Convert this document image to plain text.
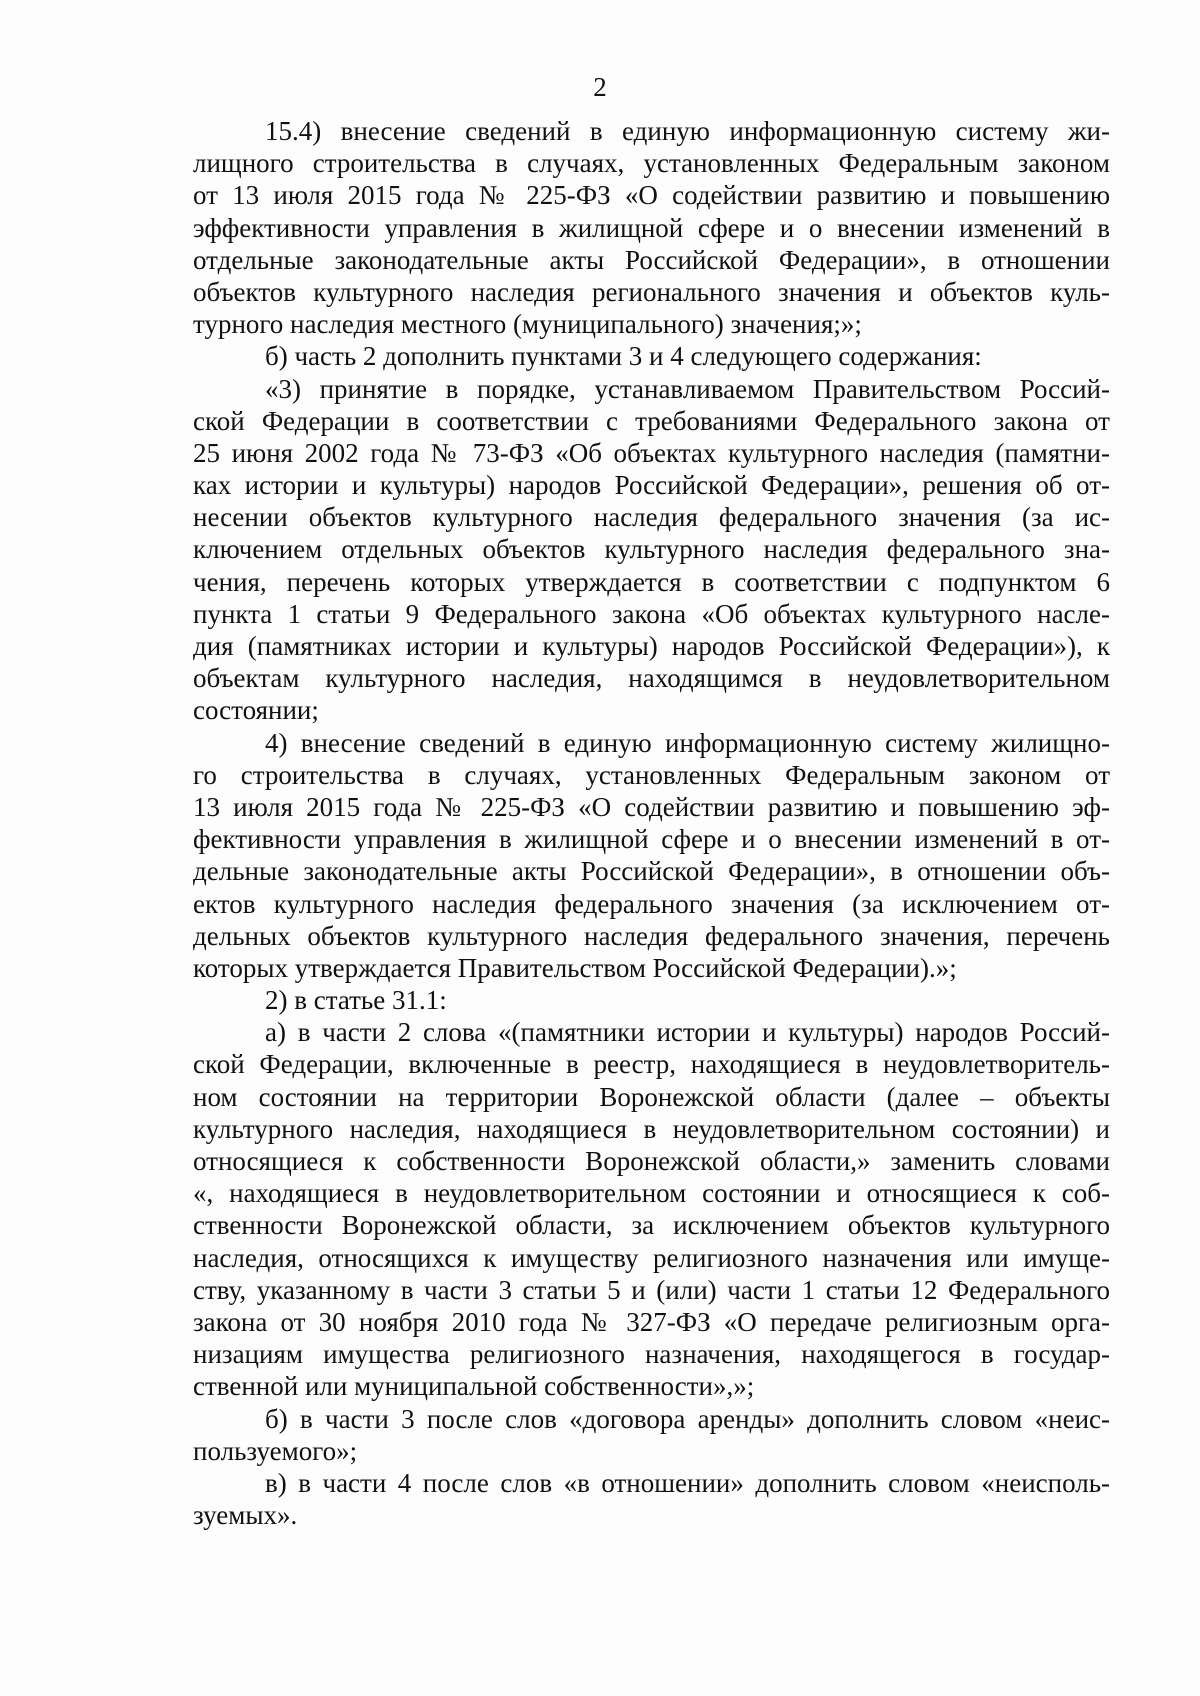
2
15.4) внесение сведений в единую информационную систему жи-
лищного строительства в случаях, установленных Федеральным законом
от 13 июля 2015 года № 225-ФЗ «О содействии развитию и повышению
эффективности управления в жилищной сфере и о внесении изменений в
отдельные законодательные акты Российской Федерации», в отношении
объектов культурного наследия регионального значения и объектов куль-
турного наследия местного (муниципального) значения;»;
б) часть 2 дополнить пунктами 3 и 4 следующего содержания:
«3) принятие в порядке, устанавливаемом Правительством Россий-
ской Федерации в соответствии с требованиями Федерального закона от
25 июня 2002 года № 73-ФЗ «Об объектах культурного наследия (памятни-
ках истории и культуры) народов Российской Федерации», решения об от-
несении объектов культурного наследия федерального значения (за ис-
ключением отдельных объектов культурного наследия федерального зна-
чения, перечень которых утверждается в соответствии с подпунктом 6
пункта 1 статьи 9 Федерального закона «Об объектах культурного насле-
дия (памятниках истории и культуры) народов Российской Федерации»), к
объектам культурного наследия, находящимся в неудовлетворительном
состоянии;
4) внесение сведений в единую информационную систему жилищно-
го строительства в случаях, установленных Федеральным законом от
13 июля 2015 года № 225-ФЗ «О содействии развитию и повышению эф-
фективности управления в жилищной сфере и о внесении изменений в от-
дельные законодательные акты Российской Федерации», в отношении объ-
ектов культурного наследия федерального значения (за исключением от-
дельных объектов культурного наследия федерального значения, перечень
которых утверждается Правительством Российской Федерации).»;
2) в статье 31.1:
а) в части 2 слова «(памятники истории и культуры) народов Россий-
ской Федерации, включенные в реестр, находящиеся в неудовлетворитель-
ном состоянии на территории Воронежской области (далее – объекты
культурного наследия, находящиеся в неудовлетворительном состоянии) и
относящиеся к собственности Воронежской области,» заменить словами
«, находящиеся в неудовлетворительном состоянии и относящиеся к соб-
ственности Воронежской области, за исключением объектов культурного
наследия, относящихся к имуществу религиозного назначения или имуще-
ству, указанному в части 3 статьи 5 и (или) части 1 статьи 12 Федерального
закона от 30 ноября 2010 года № 327-ФЗ «О передаче религиозным орга-
низациям имущества религиозного назначения, находящегося в государ-
ственной или муниципальной собственности»,»;
б) в части 3 после слов «договора аренды» дополнить словом «неис-
пользуемого»;
в) в части 4 после слов «в отношении» дополнить словом «неисполь-
зуемых».
